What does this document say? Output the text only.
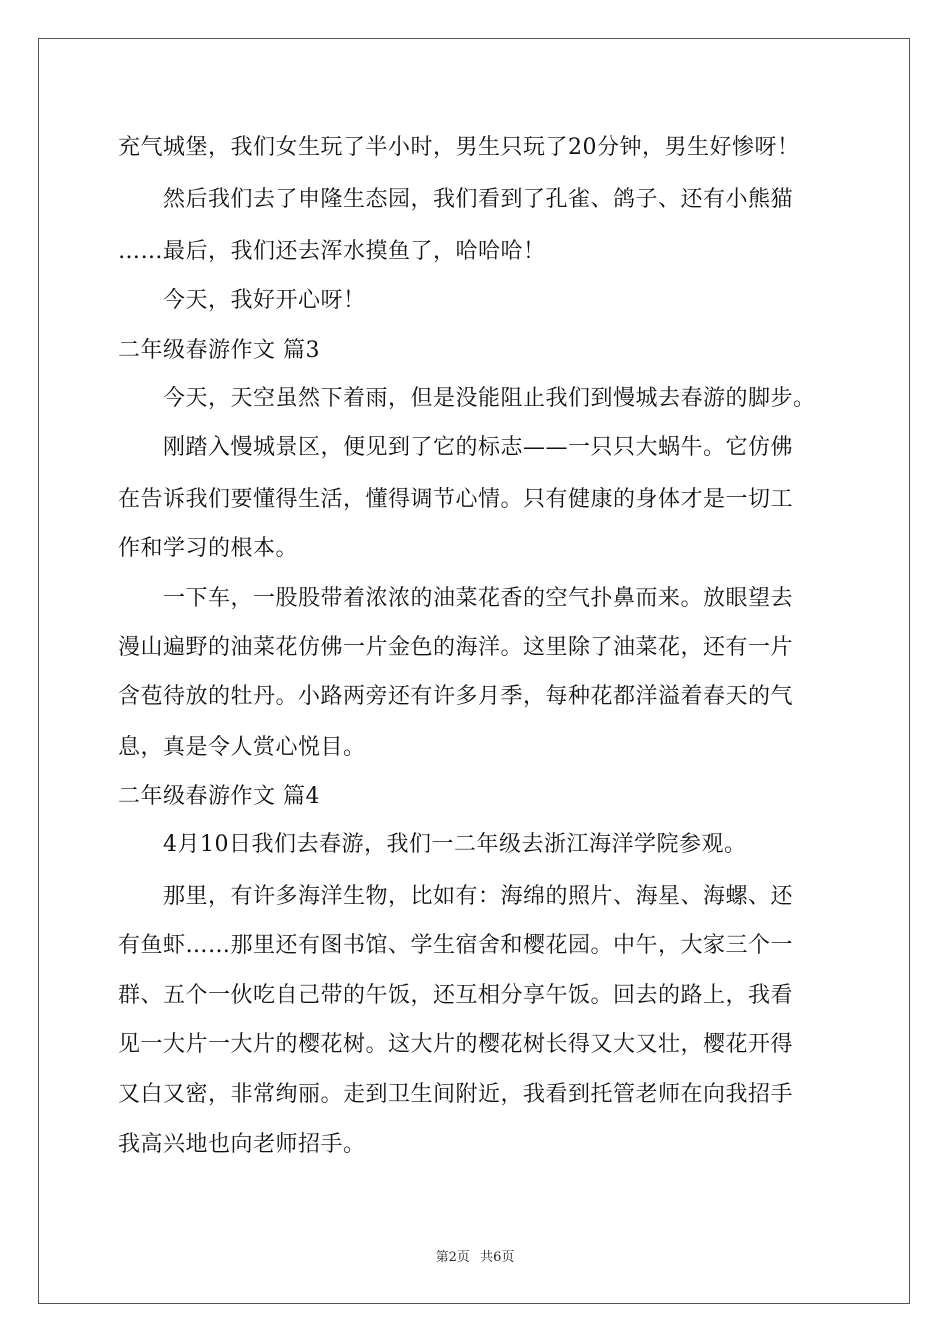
充气城堡，我们女生玩了半小时，男生只玩了20分钟，男生好惨呀！
然后我们去了申隆生态园，我们看到了孔雀、鸽子、还有小熊猫
……最后，我们还去浑水摸鱼了，哈哈哈！
今天，我好开心呀！
二年级春游作文 篇3
今天，天空虽然下着雨，但是没能阻止我们到慢城去春游的脚步。
刚踏入慢城景区，便见到了它的标志——一只只大蜗牛。它仿佛
在告诉我们要懂得生活，懂得调节心情。只有健康的身体才是一切工
作和学习的根本。
一下车，一股股带着浓浓的油菜花香的空气扑鼻而来。放眼望去
漫山遍野的油菜花仿佛一片金色的海洋。这里除了油菜花，还有一片
含苞待放的牡丹。小路两旁还有许多月季，每种花都洋溢着春天的气
息，真是令人赏心悦目。
二年级春游作文 篇4
4月10日我们去春游，我们一二年级去浙江海洋学院参观。
那里，有许多海洋生物，比如有：海绵的照片、海星、海螺、还
有鱼虾……那里还有图书馆、学生宿舍和樱花园。中午，大家三个一
群、五个一伙吃自己带的午饭，还互相分享午饭。回去的路上，我看
见一大片一大片的樱花树。这大片的樱花树长得又大又壮，樱花开得
又白又密，非常绚丽。走到卫生间附近，我看到托管老师在向我招手
我高兴地也向老师招手。
第2页 共6页
